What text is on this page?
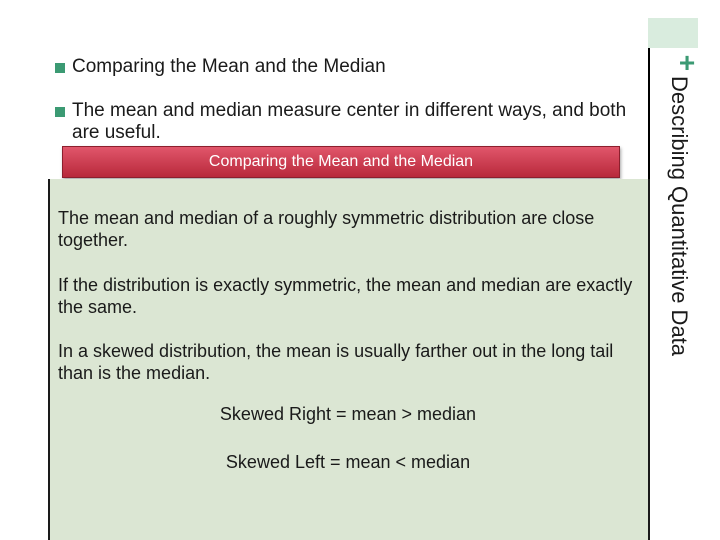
+
Describing Quantitative Data
Comparing the Mean and the Median
The mean and median measure center in different ways, and both are useful.
Comparing the Mean and the Median
The mean and median of a roughly symmetric distribution are close together.
If the distribution is exactly symmetric, the mean and median are exactly the same.
In a skewed distribution, the mean is usually farther out in the long tail than is the median.
Skewed Right = mean > median
Skewed Left = mean < median
